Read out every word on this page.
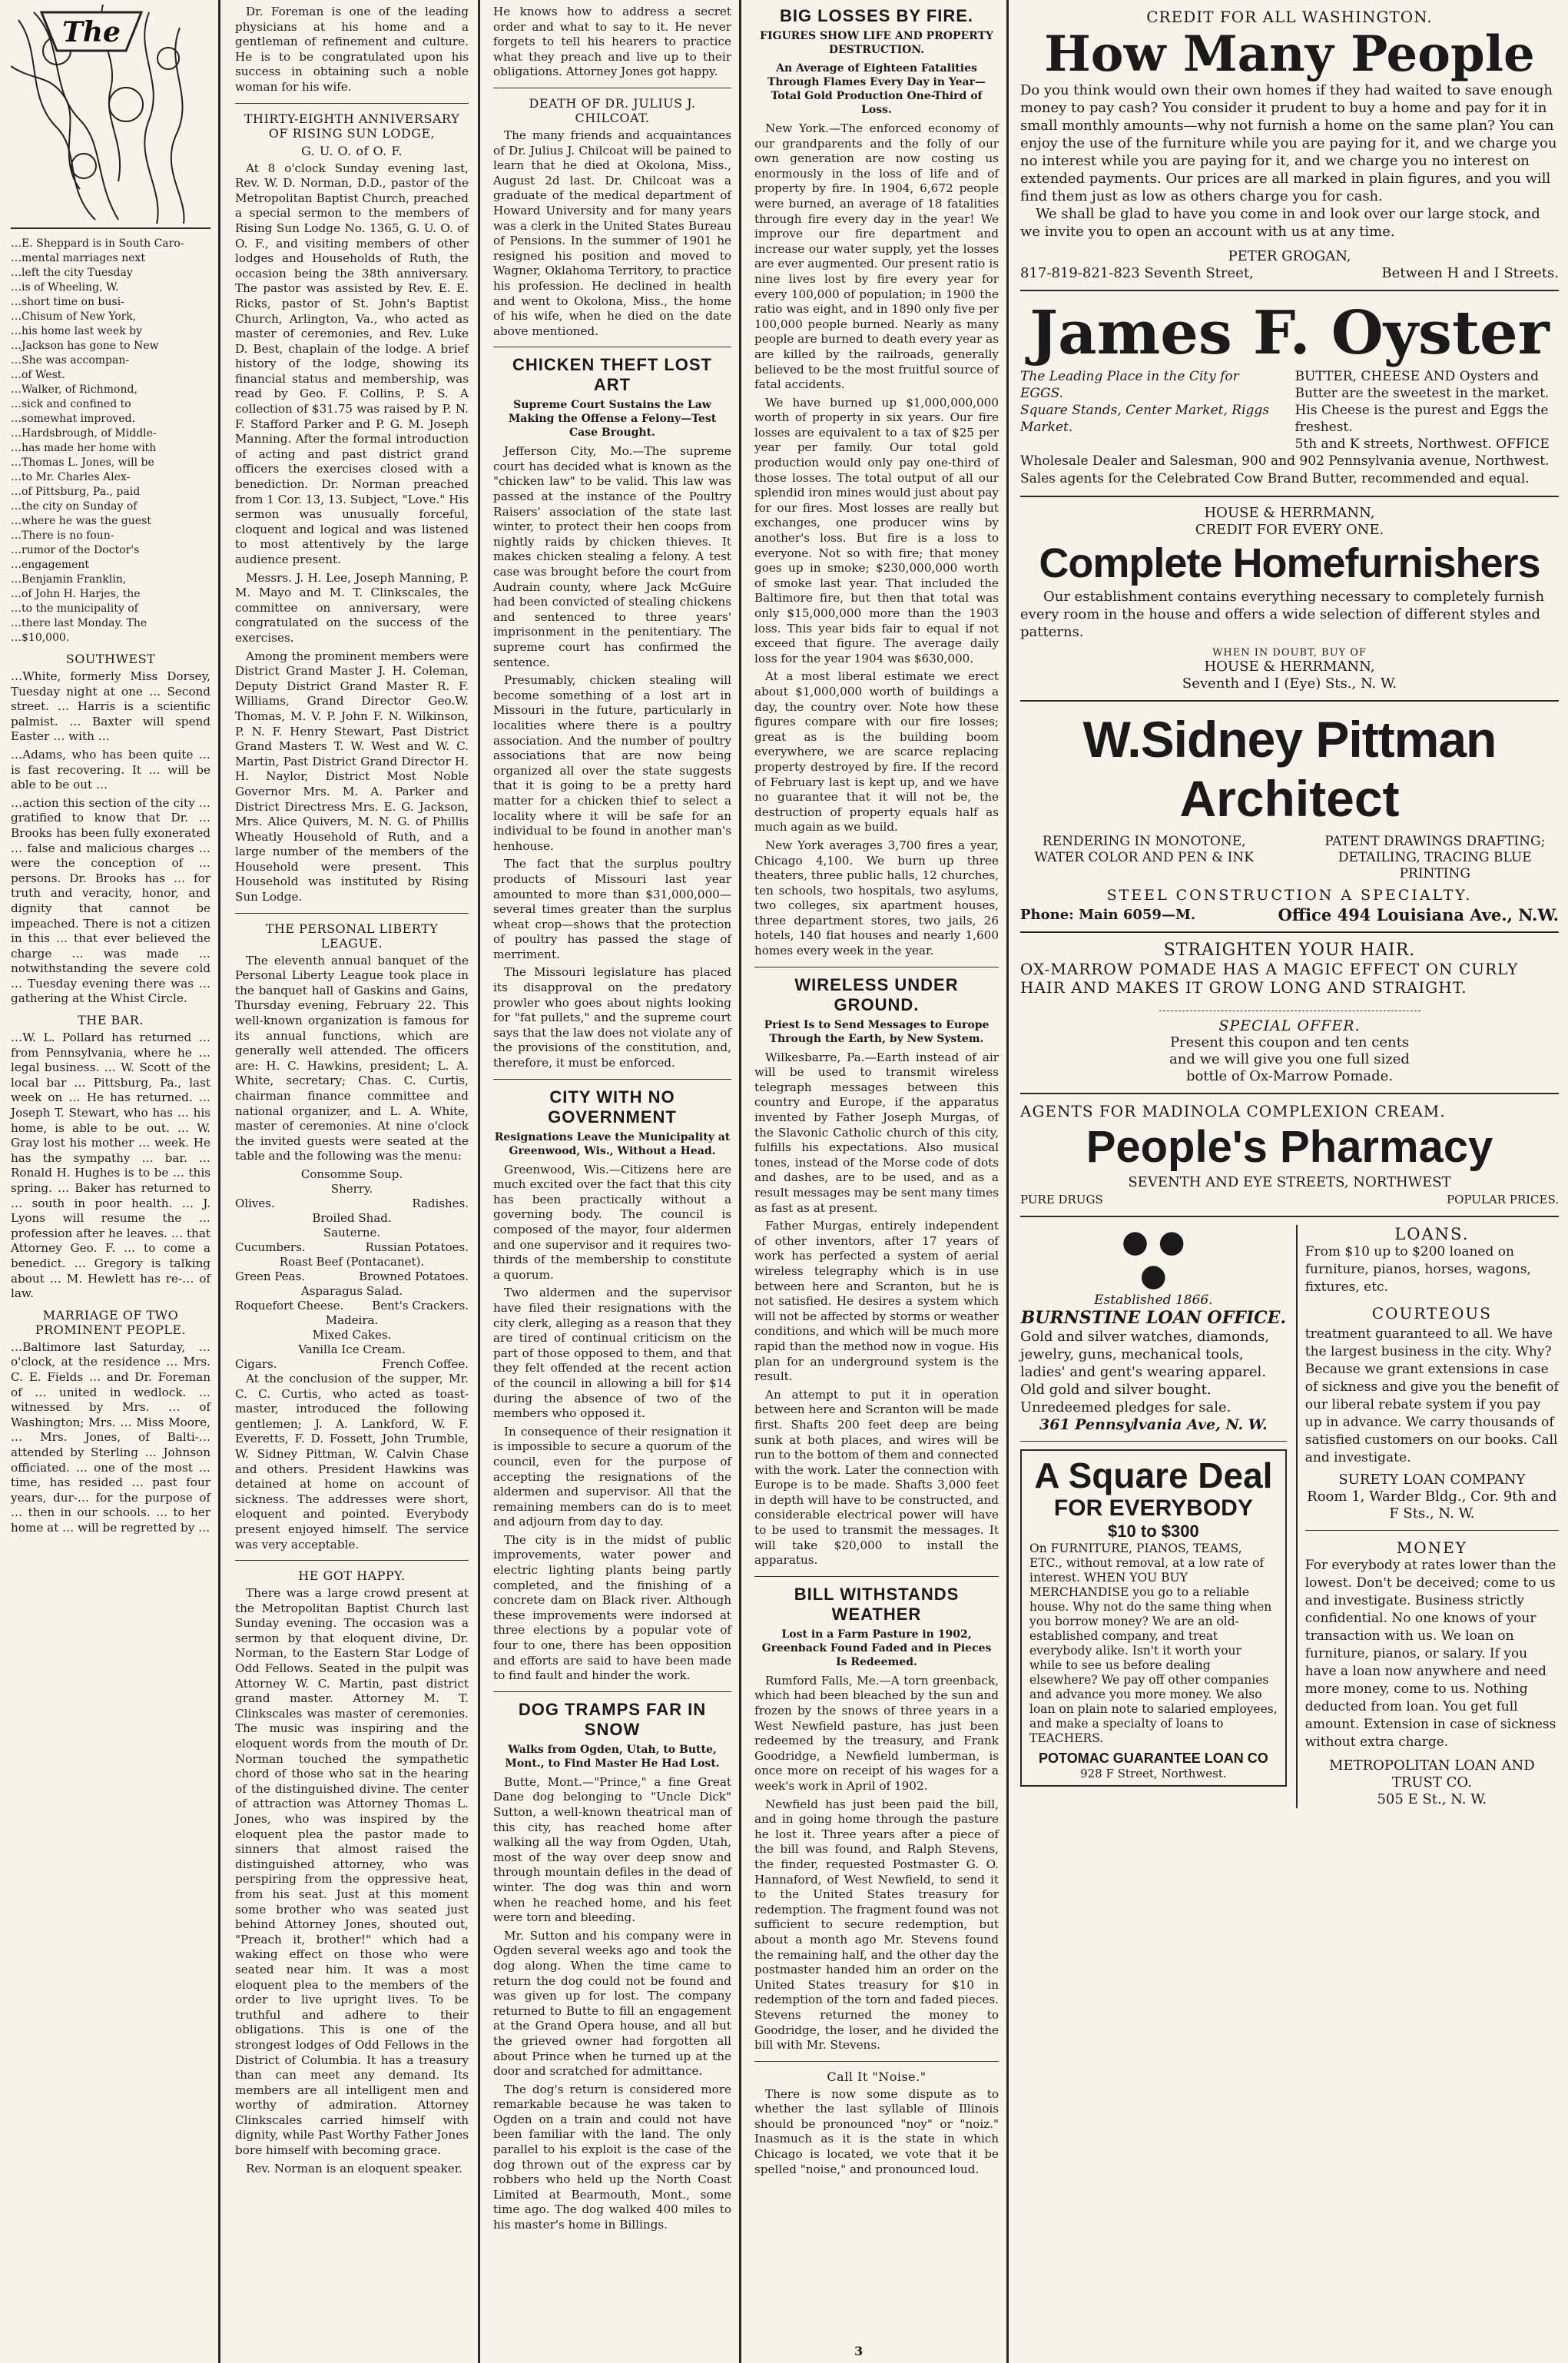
The
…E. Sheppard is in South Caro-
…mental marriages next
…left the city Tuesday
…is of Wheeling, W.
…short time on busi-
…Chisum of New York,
…his home last week by
…Jackson has gone to New
…She was accompan-
…of West.
…Walker, of Richmond,
…sick and confined to
…somewhat improved.
…Hardsbrough, of Middle-
…has made her home with
…Thomas L. Jones, will be
…to Mr. Charles Alex-
…of Pittsburg, Pa., paid
…the city on Sunday of
…where he was the guest
…There is no foun-
…rumor of the Doctor's
…engagement
…Benjamin Franklin,
…of John H. Harjes, the
…to the municipality of
…there last Monday. The
…$10,000.
SOUTHWEST

…White, formerly Miss Dorsey, Tuesday night at one … Second street. … Harris is a scientific palmist. … Baxter will spend Easter … with …

…Adams, who has been quite … is fast recovering. It … will be able to be out …

…action this section of the city … gratified to know that Dr. … Brooks has been fully exonerated … false and malicious charges … were the conception of … persons. Dr. Brooks has … for truth and veracity, honor, and dignity that cannot be impeached. There is not a citizen in this … that ever believed the charge … was made … notwithstanding the severe cold … Tuesday evening there was … gathering at the Whist Circle.

THE BAR.

…W. L. Pollard has returned … from Pennsylvania, where he … legal business. … W. Scott of the local bar … Pittsburg, Pa., last week on … He has returned. … Joseph T. Stewart, who has … his home, is able to be out. … W. Gray lost his mother … week. He has the sympathy … bar. … Ronald H. Hughes is to be … this spring. … Baker has returned to … south in poor health. … J. Lyons will resume the … profession after he leaves. … that Attorney Geo. F. … to come a benedict. … Gregory is talking about … M. Hewlett has re-… of law.

MARRIAGE OF TWO PROMINENT PEOPLE.

…Baltimore last Saturday, … o'clock, at the residence … Mrs. C. E. Fields … and Dr. Foreman of … united in wedlock. … witnessed by Mrs. … of Washington; Mrs. … Miss Moore, … Mrs. Jones, of Balti-… attended by Sterling … Johnson officiated. … one of the most … time, has resided … past four years, dur-… for the purpose of … then in our schools. … to her home at … will be regretted by …

Dr. Foreman is one of the leading physicians at his home and a gentleman of refinement and culture. He is to be congratulated upon his success in obtaining such a noble woman for his wife.

THIRTY-EIGHTH ANNIVERSARY OF RISING SUN LODGE,
G. U. O. of O. F.

At 8 o'clock Sunday evening last, Rev. W. D. Norman, D.D., pastor of the Metropolitan Baptist Church, preached a special sermon to the members of Rising Sun Lodge No. 1365, G. U. O. of O. F., and visiting members of other lodges and Households of Ruth, the occasion being the 38th anniversary. The pastor was assisted by Rev. E. E. Ricks, pastor of St. John's Baptist Church, Arlington, Va., who acted as master of ceremonies, and Rev. Luke D. Best, chaplain of the lodge. A brief history of the lodge, showing its financial status and membership, was read by Geo. F. Collins, P. S. A collection of $31.75 was raised by P. N. F. Stafford Parker and P. G. M. Joseph Manning. After the formal introduction of acting and past district grand officers the exercises closed with a benediction. Dr. Norman preached from 1 Cor. 13, 13. Subject, "Love." His sermon was unusually forceful, cloquent and logical and was listened to most attentively by the large audience present.

Messrs. J. H. Lee, Joseph Manning, P. M. Mayo and M. T. Clinkscales, the committee on anniversary, were congratulated on the success of the exercises.

Among the prominent members were District Grand Master J. H. Coleman, Deputy District Grand Master R. F. Williams, Grand Director Geo.W. Thomas, M. V. P. John F. N. Wilkinson, P. N. F. Henry Stewart, Past District Grand Masters T. W. West and W. C. Martin, Past District Grand Director H. H. Naylor, District Most Noble Governor Mrs. M. A. Parker and District Directress Mrs. E. G. Jackson, Mrs. Alice Quivers, M. N. G. of Phillis Wheatly Household of Ruth, and a large number of the members of the Household were present. This Household was instituted by Rising Sun Lodge.

THE PERSONAL LIBERTY LEAGUE.

The eleventh annual banquet of the Personal Liberty League took place in the banquet hall of Gaskins and Gains, Thursday evening, February 22. This well-known organization is famous for its annual functions, which are generally well attended. The officers are: H. C. Hawkins, president; L. A. White, secretary; Chas. C. Curtis, chairman finance committee and national organizer, and L. A. White, master of ceremonies. At nine o'clock the invited guests were seated at the table and the following was the menu:

Consomme Soup.
Sherry.
Olives.	Radishes.
Broiled Shad.
Sauterne.
Cucumbers.	Russian Potatoes.
Roast Beef (Pontacanet).
Green Peas.	Browned Potatoes.
Asparagus Salad.
Roquefort Cheese. Bent's Crackers.
Madeira.
Mixed Cakes.
Vanilla Ice Cream.
Cigars.	French Coffee.

At the conclusion of the supper, Mr. C. C. Curtis, who acted as toast-master, introduced the following gentlemen; J. A. Lankford, W. F. Everetts, F. D. Fossett, John Trumble, W. Sidney Pittman, W. Calvin Chase and others. President Hawkins was detained at home on account of sickness. The addresses were short, eloquent and pointed. Everybody present enjoyed himself. The service was very acceptable.

HE GOT HAPPY.

There was a large crowd present at the Metropolitan Baptist Church last Sunday evening. The occasion was a sermon by that eloquent divine, Dr. Norman, to the Eastern Star Lodge of Odd Fellows. Seated in the pulpit was Attorney W. C. Martin, past district grand master. Attorney M. T. Clinkscales was master of ceremonies. The music was inspiring and the eloquent words from the mouth of Dr. Norman touched the sympathetic chord of those who sat in the hearing of the distinguished divine. The center of attraction was Attorney Thomas L. Jones, who was inspired by the eloquent plea the pastor made to sinners that almost raised the distinguished attorney, who was perspiring from the oppressive heat, from his seat. Just at this moment some brother who was seated just behind Attorney Jones, shouted out, "Preach it, brother!" which had a waking effect on those who were seated near him. It was a most eloquent plea to the members of the order to live upright lives. To be truthful and adhere to their obligations. This is one of the strongest lodges of Odd Fellows in the District of Columbia. It has a treasury than can meet any demand. Its members are all intelligent men and worthy of admiration. Attorney Clinkscales carried himself with dignity, while Past Worthy Father Jones bore himself with becoming grace.

Rev. Norman is an eloquent speaker.

He knows how to address a secret order and what to say to it. He never forgets to tell his hearers to practice what they preach and live up to their obligations. Attorney Jones got happy.

DEATH OF DR. JULIUS J. CHILCOAT.

The many friends and acquaintances of Dr. Julius J. Chilcoat will be pained to learn that he died at Okolona, Miss., August 2d last. Dr. Chilcoat was a graduate of the medical department of Howard University and for many years was a clerk in the United States Bureau of Pensions. In the summer of 1901 he resigned his position and moved to Wagner, Oklahoma Territory, to practice his profession. He declined in health and went to Okolona, Miss., the home of his wife, when he died on the date above mentioned.

CHICKEN THEFT LOST ART
Supreme Court Sustains the Law Making the Offense a Felony—Test Case Brought.

Jefferson City, Mo.—The supreme court has decided what is known as the "chicken law" to be valid. This law was passed at the instance of the Poultry Raisers' association of the state last winter, to protect their hen coops from nightly raids by chicken thieves. It makes chicken stealing a felony. A test case was brought before the court from Audrain county, where Jack McGuire had been convicted of stealing chickens and sentenced to three years' imprisonment in the penitentiary. The supreme court has confirmed the sentence.

Presumably, chicken stealing will become something of a lost art in Missouri in the future, particularly in localities where there is a poultry association. And the number of poultry associations that are now being organized all over the state suggests that it is going to be a pretty hard matter for a chicken thief to select a locality where it will be safe for an individual to be found in another man's henhouse.

The fact that the surplus poultry products of Missouri last year amounted to more than $31,000,000—several times greater than the surplus wheat crop—shows that the protection of poultry has passed the stage of merriment.

The Missouri legislature has placed its disapproval on the predatory prowler who goes about nights looking for "fat pullets," and the supreme court says that the law does not violate any of the provisions of the constitution, and, therefore, it must be enforced.

CITY WITH NO GOVERNMENT
Resignations Leave the Municipality at Greenwood, Wis., Without a Head.

Greenwood, Wis.—Citizens here are much excited over the fact that this city has been practically without a governing body. The council is composed of the mayor, four aldermen and one supervisor and it requires two-thirds of the membership to constitute a quorum.

Two aldermen and the supervisor have filed their resignations with the city clerk, alleging as a reason that they are tired of continual criticism on the part of those opposed to them, and that they felt offended at the recent action of the council in allowing a bill for $14 during the absence of two of the members who opposed it.

In consequence of their resignation it is impossible to secure a quorum of the council, even for the purpose of accepting the resignations of the aldermen and supervisor. All that the remaining members can do is to meet and adjourn from day to day.

The city is in the midst of public improvements, water power and electric lighting plants being partly completed, and the finishing of a concrete dam on Black river. Although these improvements were indorsed at three elections by a popular vote of four to one, there has been opposition and efforts are said to have been made to find fault and hinder the work.

DOG TRAMPS FAR IN SNOW
Walks from Ogden, Utah, to Butte, Mont., to Find Master He Had Lost.

Butte, Mont.—"Prince," a fine Great Dane dog belonging to "Uncle Dick" Sutton, a well-known theatrical man of this city, has reached home after walking all the way from Ogden, Utah, most of the way over deep snow and through mountain defiles in the dead of winter. The dog was thin and worn when he reached home, and his feet were torn and bleeding.

Mr. Sutton and his company were in Ogden several weeks ago and took the dog along. When the time came to return the dog could not be found and was given up for lost. The company returned to Butte to fill an engagement at the Grand Opera house, and all but the grieved owner had forgotten all about Prince when he turned up at the door and scratched for admittance.

The dog's return is considered more remarkable because he was taken to Ogden on a train and could not have been familiar with the land. The only parallel to his exploit is the case of the dog thrown out of the express car by robbers who held up the North Coast Limited at Bearmouth, Mont., some time ago. The dog walked 400 miles to his master's home in Billings.

BIG LOSSES BY FIRE.
FIGURES SHOW LIFE AND PROPERTY DESTRUCTION.
An Average of Eighteen Fatalities Through Flames Every Day in Year—Total Gold Production One-Third of Loss.

New York.—The enforced economy of our grandparents and the folly of our own generation are now costing us enormously in the loss of life and of property by fire. In 1904, 6,672 people were burned, an average of 18 fatalities through fire every day in the year! We improve our fire department and increase our water supply, yet the losses are ever augmented. Our present ratio is nine lives lost by fire every year for every 100,000 of population; in 1900 the ratio was eight, and in 1890 only five per 100,000 people burned. Nearly as many people are burned to death every year as are killed by the railroads, generally believed to be the most fruitful source of fatal accidents.

We have burned up $1,000,000,000 worth of property in six years. Our fire losses are equivalent to a tax of $25 per year per family. Our total gold production would only pay one-third of those losses. The total output of all our splendid iron mines would just about pay for our fires. Most losses are really but exchanges, one producer wins by another's loss. But fire is a loss to everyone. Not so with fire; that money goes up in smoke; $230,000,000 worth of smoke last year. That included the Baltimore fire, but then that total was only $15,000,000 more than the 1903 loss. This year bids fair to equal if not exceed that figure. The average daily loss for the year 1904 was $630,000.

At a most liberal estimate we erect about $1,000,000 worth of buildings a day, the country over. Note how these figures compare with our fire losses; great as is the building boom everywhere, we are scarce replacing property destroyed by fire. If the record of February last is kept up, and we have no guarantee that it will not be, the destruction of property equals half as much again as we build.

New York averages 3,700 fires a year, Chicago 4,100. We burn up three theaters, three public halls, 12 churches, ten schools, two hospitals, two asylums, two colleges, six apartment houses, three department stores, two jails, 26 hotels, 140 flat houses and nearly 1,600 homes every week in the year.

WIRELESS UNDER GROUND.
Priest Is to Send Messages to Europe Through the Earth, by New System.

Wilkesbarre, Pa.—Earth instead of air will be used to transmit wireless telegraph messages between this country and Europe, if the apparatus invented by Father Joseph Murgas, of the Slavonic Catholic church of this city, fulfills his expectations. Also musical tones, instead of the Morse code of dots and dashes, are to be used, and as a result messages may be sent many times as fast as at present.

Father Murgas, entirely independent of other inventors, after 17 years of work has perfected a system of aerial wireless telegraphy which is in use between here and Scranton, but he is not satisfied. He desires a system which will not be affected by storms or weather conditions, and which will be much more rapid than the method now in vogue. His plan for an underground system is the result.

An attempt to put it in operation between here and Scranton will be made first. Shafts 200 feet deep are being sunk at both places, and wires will be run to the bottom of them and connected with the work. Later the connection with Europe is to be made. Shafts 3,000 feet in depth will have to be constructed, and considerable electrical power will have to be used to transmit the messages. It will take $20,000 to install the apparatus.

BILL WITHSTANDS WEATHER
Lost in a Farm Pasture in 1902, Greenback Found Faded and in Pieces Is Redeemed.

Rumford Falls, Me.—A torn greenback, which had been bleached by the sun and frozen by the snows of three years in a West Newfield pasture, has just been redeemed by the treasury, and Frank Goodridge, a Newfield lumberman, is once more on receipt of his wages for a week's work in April of 1902.

Newfield has just been paid the bill, and in going home through the pasture he lost it. Three years after a piece of the bill was found, and Ralph Stevens, the finder, requested Postmaster G. O. Hannaford, of West Newfield, to send it to the United States treasury for redemption. The fragment found was not sufficient to secure redemption, but about a month ago Mr. Stevens found the remaining half, and the other day the postmaster handed him an order on the United States treasury for $10 in redemption of the torn and faded pieces. Stevens returned the money to Goodridge, the loser, and he divided the bill with Mr. Stevens.

Call It "Noise."

There is now some dispute as to whether the last syllable of Illinois should be pronounced "noy" or "noiz." Inasmuch as it is the state in which Chicago is located, we vote that it be spelled "noise," and pronounced loud.

3
CREDIT FOR ALL WASHINGTON.
How Many People
Do you think would own their own homes if they had waited to save enough money to pay cash? You consider it prudent to buy a home and pay for it in small monthly amounts—why not furnish a home on the same plan? You can enjoy the use of the furniture while you are paying for it, and we charge you no interest while you are paying for it, and we charge you no interest on extended payments. Our prices are all marked in plain figures, and you will find them just as low as others charge you for cash.
We shall be glad to have you come in and look over our large stock, and we invite you to open an account with us at any time.
PETER GROGAN,
817-819-821-823 Seventh Street,	Between H and I Streets.
James F. Oyster
The Leading Place in the City for EGGS.
Square Stands, Center Market, Riggs Market.
BUTTER, CHEESE AND Oysters and Butter are the sweetest in the market. His Cheese is the purest and Eggs the freshest.
5th and K streets, Northwest. OFFICE
Wholesale Dealer and Salesman, 900 and 902 Pennsylvania avenue, Northwest. Sales agents for the Celebrated Cow Brand Butter, recommended and equal.
HOUSE & HERRMANN,
CREDIT FOR EVERY ONE.
Complete Homefurnishers
Our establishment contains everything necessary to completely furnish every room in the house and offers a wide selection of different styles and patterns.
WHEN IN DOUBT, BUY OF
HOUSE & HERRMANN,
Seventh and I (Eye) Sts., N. W.
W.Sidney Pittman
Architect
RENDERING IN MONOTONE, WATER COLOR AND PEN & INK
PATENT DRAWINGS DRAFTING; DETAILING, TRACING BLUE PRINTING
STEEL CONSTRUCTION A SPECIALTY.
Phone: Main 6059—M.	Office 494 Louisiana Ave., N.W.
STRAIGHTEN YOUR HAIR.
OX-MARROW POMADE HAS A MAGIC EFFECT ON CURLY HAIR AND MAKES IT GROW LONG AND STRAIGHT.
SPECIAL OFFER.
Present this coupon and ten cents and we will give you one full sized bottle of Ox-Marrow Pomade.
AGENTS FOR MADINOLA COMPLEXION CREAM.
People's Pharmacy
SEVENTH AND EYE STREETS, NORTHWEST
PURE DRUGS	POPULAR PRICES.
● ●
●
Established 1866.
BURNSTINE LOAN OFFICE.
Gold and silver watches, diamonds, jewelry, guns, mechanical tools, ladies' and gent's wearing apparel. Old gold and silver bought. Unredeemed pledges for sale.
361 Pennsylvania Ave, N. W.
A Square Deal
FOR EVERYBODY
$10 to $300
On FURNITURE, PIANOS, TEAMS, ETC., without removal, at a low rate of interest. WHEN YOU BUY MERCHANDISE you go to a reliable house. Why not do the same thing when you borrow money? We are an old-established company, and treat everybody alike. Isn't it worth your while to see us before dealing elsewhere? We pay off other companies and advance you more money. We also loan on plain note to salaried employees, and make a specialty of loans to TEACHERS.
POTOMAC GUARANTEE LOAN CO
928 F Street, Northwest.
LOANS.
From $10 up to $200 loaned on furniture, pianos, horses, wagons, fixtures, etc.
COURTEOUS
treatment guaranteed to all. We have the largest business in the city. Why? Because we grant extensions in case of sickness and give you the benefit of our liberal rebate system if you pay up in advance. We carry thousands of satisfied customers on our books. Call and investigate.
SURETY LOAN COMPANY
Room 1, Warder Bldg., Cor. 9th and F Sts., N. W.
MONEY
For everybody at rates lower than the lowest. Don't be deceived; come to us and investigate. Business strictly confidential. No one knows of your transaction with us. We loan on furniture, pianos, or salary. If you have a loan now anywhere and need more money, come to us. Nothing deducted from loan. You get full amount. Extension in case of sickness without extra charge.
METROPOLITAN LOAN AND TRUST CO.
505 E St., N. W.
